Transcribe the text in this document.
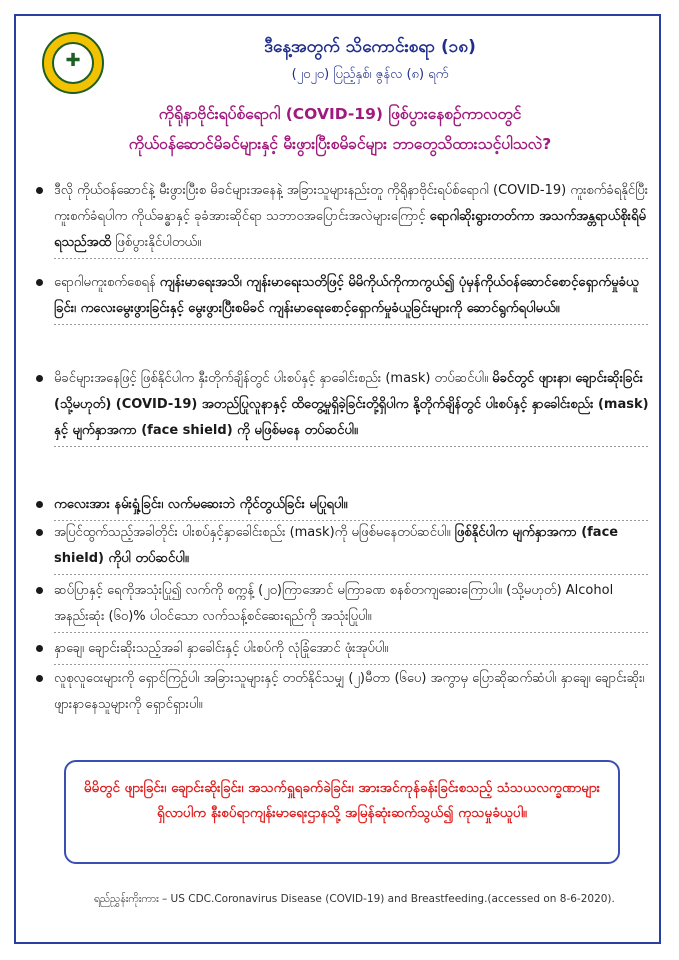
✚
ဒီနေ့အတွက် သိကောင်းစရာ (၁၈)
(၂၀၂၀) ပြည့်နှစ်၊ ဇွန်လ (၈) ရက်
ကိုရိုနာဗိုင်းရပ်စ်ရောဂါ (COVID-19) ဖြစ်ပွားနေစဉ်ကာလတွင်
ကိုယ်ဝန်ဆောင်မိခင်များနှင့် မီးဖွားပြီးစမိခင်များ ဘာတွေသိထားသင့်ပါသလဲ?
ဒီလို ကိုယ်ဝန်ဆောင်နဲ့ မီးဖွားပြီးစ မိခင်များအနေနဲ့ အခြားသူများနည်းတူ ကိုရိုနာဗိုင်းရပ်စ်ရောဂါ (COVID-19) ကူးစက်ခံရနိုင်ပြီး ကူးစက်ခံရပါက ကိုယ်ခန္ဓာနှင့် ခုခံအားဆိုင်ရာ သဘာဝအပြောင်းအလဲများကြောင့် ရောဂါဆိုးရွားတတ်ကာ အသက်အန္တရာယ်စိုးရိမ်ရသည်အထိ ဖြစ်ပွားနိုင်ပါတယ်။
ရောဂါမကူးစက်စေရန် ကျန်းမာရေးအသိ၊ ကျန်းမာရေးသတိဖြင့် မိမိကိုယ်ကိုကာကွယ်၍ ပုံမှန်ကိုယ်ဝန်ဆောင်စောင့်ရှောက်မှုခံယူခြင်း၊ ကလေးမွေးဖွားခြင်းနှင့် မွေးဖွားပြီးစမိခင် ကျန်းမာရေးစောင့်ရှောက်မှုခံယူခြင်းများကို ဆောင်ရွက်ရပါမယ်။
မိခင်များအနေဖြင့် ဖြစ်နိုင်ပါက နှီးတိုက်ချိန်တွင် ပါးစပ်နှင့် နှာခေါင်းစည်း (mask) တပ်ဆင်ပါ။ မိခင်တွင် ဖျားနာ၊ ချောင်းဆိုးခြင်း (သို့မဟုတ်) (COVID-19) အတည်ပြုလူနာနှင့် ထိတွေ့မှုရှိခဲ့ခြင်းတို့ရှိပါက နို့တိုက်ချိန်တွင် ပါးစပ်နှင့် နှာခေါင်းစည်း (mask) နှင့် မျက်နှာအကာ (face shield) ကို မဖြစ်မနေ တပ်ဆင်ပါ။
ကလေးအား နမ်းရှုံ့ခြင်း၊ လက်မဆေးဘဲ ကိုင်တွယ်ခြင်း မပြုရပါ။
အပြင်ထွက်သည့်အခါတိုင်း ပါးစပ်နှင့်နှာခေါင်းစည်း (mask)ကို မဖြစ်မနေတပ်ဆင်ပါ။ ဖြစ်နိုင်ပါက မျက်နှာအကာ (face shield) ကိုပါ တပ်ဆင်ပါ။
ဆပ်ပြာနှင့် ရေကိုအသုံးပြု၍ လက်ကို စက္ကန့် (၂၀)ကြာအောင် မကြာခဏ စနစ်တကျဆေးကြောပါ။ (သို့မဟုတ်) Alcohol အနည်းဆုံး (၆၀)% ပါဝင်သော လက်သန့်စင်ဆေးရည်ကို အသုံးပြုပါ။
နှာချေ၊ ချောင်းဆိုးသည့်အခါ နှာခေါင်းနှင့် ပါးစပ်ကို လုံခြုံအောင် ဖုံးအုပ်ပါ။
လူစုလူဝေးများကို ရှောင်ကြဉ်ပါ၊ အခြားသူများနှင့် တတ်နိုင်သမျှ (၂)မီတာ (၆ပေ) အကွာမှ ပြောဆိုဆက်ဆံပါ၊ နှာချေ၊ ချောင်းဆိုး၊ ဖျားနာနေသူများကို ရှောင်ရှားပါ။
မိမိတွင် ဖျားခြင်း၊ ချောင်းဆိုးခြင်း၊ အသက်ရှူရခက်ခဲခြင်း၊ အားအင်ကုန်ခန်းခြင်းစသည့် သံသယလက္ခဏာများရှိလာပါက နီးစပ်ရာကျန်းမာရေးဌာနသို့ အမြန်ဆုံးဆက်သွယ်၍ ကုသမှုခံယူပါ။
ရည်ညွှန်းကိုးကား – US CDC.Coronavirus Disease (COVID-19) and Breastfeeding.(accessed on 8-6-2020).
